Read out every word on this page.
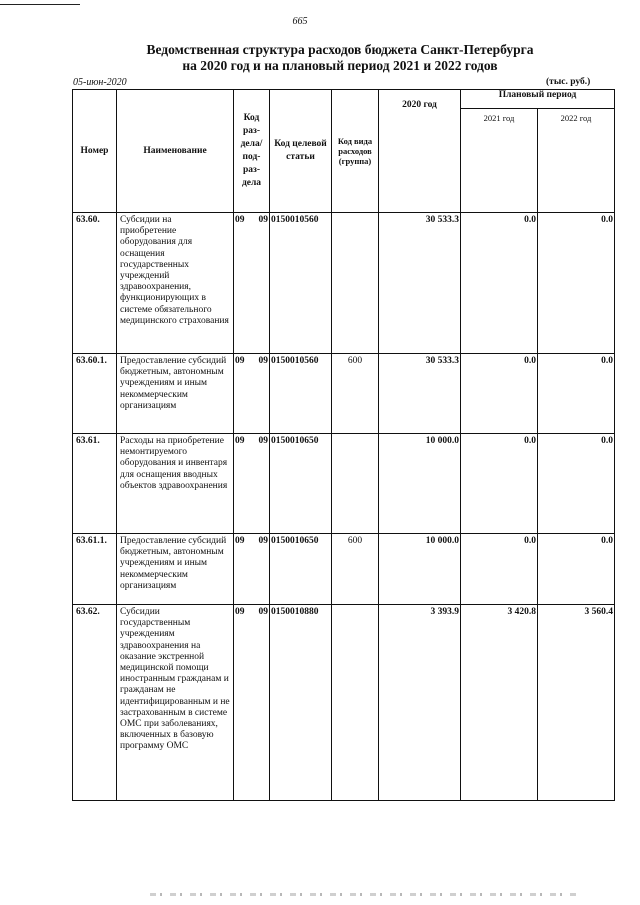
665
Ведомственная структура расходов бюджета Санкт-Петербурга
на 2020 год и на плановый период 2021 и 2022 годов
05-июн-2020	(тыс. руб.)
Номер	Наименование	Код раз- дела/ под- раз- дела	Код целевой статьи	Код вида расходов (группа)	2020 год	Плановый период	
						2021 год	2022 год
63.60.	Субсидии на приобретение оборудования для оснащения государственных учреждений здравоохранения, функционирующих в системе обязательного медицинского страхования	09 09	0150010560		30 533.3	0.0	0.0
63.60.1.	Предоставление субсидий бюджетным, автономным учреждениям и иным некоммерческим организациям	09 09	0150010560	600	30 533.3	0.0	0.0
63.61.	Расходы на приобретение немонтируемого оборудования и инвентаря для оснащения вводных объектов здравоохранения	09 09	0150010650		10 000.0	0.0	0.0
63.61.1.	Предоставление субсидий бюджетным, автономным учреждениям и иным некоммерческим организациям	09 09	0150010650	600	10 000.0	0.0	0.0
63.62.	Субсидии государственным учреждениям здравоохранения на оказание экстренной медицинской помощи иностранным гражданам и гражданам не идентифицированным и не застрахованным в системе ОМС при заболеваниях, включенных в базовую программу ОМС	09 09	0150010880		3 393.9	3 420.8	3 560.4
